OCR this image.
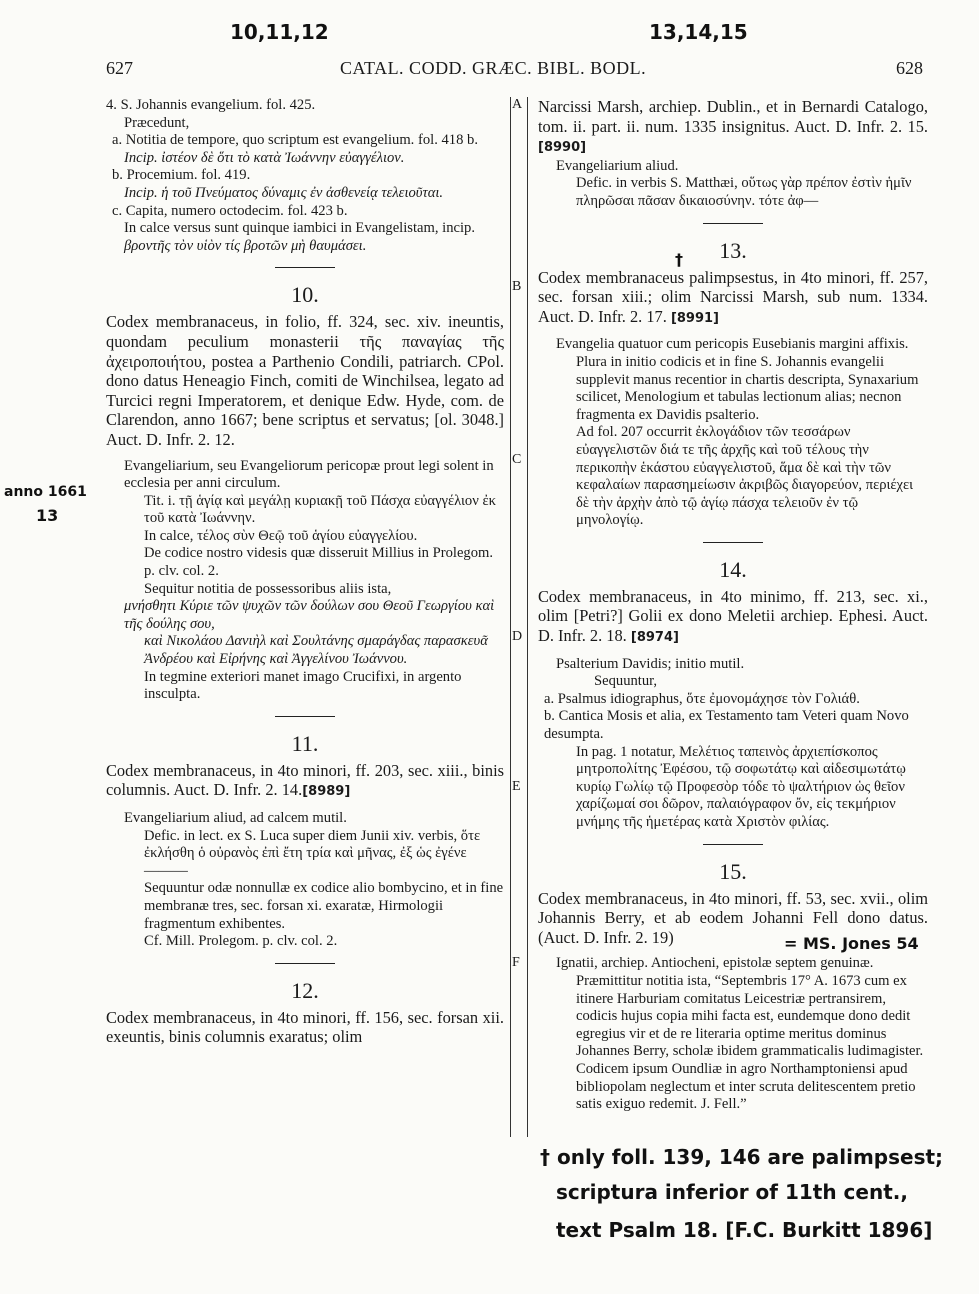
10,11,12	13,14,15
anno 1661
13
= MS. Jones 54
†
† only foll. 139, 146 are palimpsest;
scriptura inferior of 11th cent.,
text Psalm 18. [F.C. Burkitt 1896]
627	CATAL. CODD. GRÆC. BIBL. BODL.	628
A
B
C
D
E
F

4. S. Johannis evangelium. fol. 425.

Præcedunt,

a. Notitia de tempore, quo scriptum est evangelium. fol. 418 b.

Incip. ἰστέον δὲ ὅτι τὸ κατὰ Ἰωάννην εὐαγγέλιον.

b. Procemium. fol. 419.

Incip. ἡ τοῦ Πνεύματος δύναμις ἐν ἀσθενείᾳ τελειοῦται.

c. Capita, numero octodecim. fol. 423 b.

In calce versus sunt quinque iambici in Evangelistam, incip.

βροντῆς τὸν υἱὸν τίς βροτῶν μὴ θαυμάσει.

10.

Codex membranaceus, in folio, ff. 324, sec. xiv. ineuntis, quondam peculium monasterii τῆς παναγίας τῆς ἀχειροποιήτου, postea a Parthenio Condili, patriarch. CPol. dono datus Heneagio Finch, comiti de Winchilsea, legato ad Turcici regni Imperatorem, et denique Edw. Hyde, com. de Clarendon, anno 1667; bene scriptus et servatus; [ol. 3048.] Auct. D. Infr. 2. 12.

Evangeliarium, seu Evangeliorum pericopæ prout legi solent in ecclesia per anni circulum.

Tit. i. τῇ ἁγίᾳ καὶ μεγάλῃ κυριακῇ τοῦ Πάσχα εὐαγγέλιον ἐκ τοῦ κατὰ Ἰωάννην.

In calce, τέλος σὺν Θεῷ τοῦ ἁγίου εὐαγγελίου.

De codice nostro videsis quæ disseruit Millius in Prolegom. p. clv. col. 2.

Sequitur notitia de possessoribus aliis ista,

μνήσθητι Κύριε τῶν ψυχῶν τῶν δούλων σου Θεοῦ Γεωργίου καὶ τῆς δούλης σου,

καὶ Νικολάου Δανιὴλ καὶ Σουλτάνης σμαράγδας παρασκευᾶ Ἀνδρέου καὶ Εἰρήνης καὶ Ἀγγελίνου Ἰωάννου.

In tegmine exteriori manet imago Crucifixi, in argento insculpta.

11.

Codex membranaceus, in 4to minori, ff. 203, sec. xiii., binis columnis. Auct. D. Infr. 2. 14.[8989]

Evangeliarium aliud, ad calcem mutil.

Defic. in lect. ex S. Luca super diem Junii xiv. verbis, ὅτε ἐκλήσθη ὁ οὐρανὸς ἐπὶ ἔτη τρία καὶ μῆνας, ἐξ ὡς ἐγένε———

Sequuntur odæ nonnullæ ex codice alio bombycino, et in fine membranæ tres, sec. forsan xi. exaratæ, Hirmologii fragmentum exhibentes.

Cf. Mill. Prolegom. p. clv. col. 2.

12.

Codex membranaceus, in 4to minori, ff. 156, sec. forsan xii. exeuntis, binis columnis exaratus; olim

Narcissi Marsh, archiep. Dublin., et in Bernardi Catalogo, tom. ii. part. ii. num. 1335 insignitus. Auct. D. Infr. 2. 15. [8990]

Evangeliarium aliud.

Defic. in verbis S. Matthæi, οὕτως γὰρ πρέπον ἐστὶν ἡμῖν πληρῶσαι πᾶσαν δικαιοσύνην. τότε ἀφ—

13.

Codex membranaceus palimpsestus, in 4to minori, ff. 257, sec. forsan xiii.; olim Narcissi Marsh, sub num. 1334. Auct. D. Infr. 2. 17. [8991]

Evangelia quatuor cum pericopis Eusebianis margini affixis.

Plura in initio codicis et in fine S. Johannis evangelii supplevit manus recentior in chartis descripta, Synaxarium scilicet, Menologium et tabulas lectionum alias; necnon fragmenta ex Davidis psalterio.

Ad fol. 207 occurrit ἐκλογάδιον τῶν τεσσάρων εὐαγγελιστῶν διά τε τῆς ἀρχῆς καὶ τοῦ τέλους τὴν περικοπὴν ἑκάστου εὐαγγελιστοῦ, ἅμα δὲ καὶ τὴν τῶν κεφαλαίων παρασημείωσιν ἀκριβῶς διαγορεύον, περιέχει δὲ τὴν ἀρχὴν ἀπὸ τῷ ἁγίῳ πάσχα τελειοῦν ἐν τῷ μηνολογίῳ.

14.

Codex membranaceus, in 4to minimo, ff. 213, sec. xi., olim [Petri?] Golii ex dono Meletii archiep. Ephesi. Auct. D. Infr. 2. 18. [8974]

Psalterium Davidis; initio mutil.

Sequuntur,

a. Psalmus idiographus, ὅτε ἐμονομάχησε τὸν Γολιάθ.

b. Cantica Mosis et alia, ex Testamento tam Veteri quam Novo desumpta.

In pag. 1 notatur, Μελέτιος ταπεινὸς ἀρχιεπίσκοπος μητροπολίτης Ἐφέσου, τῷ σοφωτάτῳ καὶ αἰδεσιμωτάτῳ κυρίῳ Γωλίῳ τῷ Προφεσὸρ τόδε τὸ ψαλτήριον ὡς θεῖον χαρίζωμαί σοι δῶρον, παλαιόγραφον ὄν, εἰς τεκμήριον μνήμης τῆς ἡμετέρας κατὰ Χριστὸν φιλίας.

15.

Codex membranaceus, in 4to minori, ff. 53, sec. xvii., olim Johannis Berry, et ab eodem Johanni Fell dono datus. (Auct. D. Infr. 2. 19)

Ignatii, archiep. Antiocheni, epistolæ septem genuinæ.

Præmittitur notitia ista, “Septembris 17° A. 1673 cum ex itinere Harburiam comitatus Leicestriæ pertransirem, codicis hujus copia mihi facta est, eundemque dono dedit egregius vir et de re literaria optime meritus dominus Johannes Berry, scholæ ibidem grammaticalis ludimagister. Codicem ipsum Oundliæ in agro Northamptoniensi apud bibliopolam neglectum et inter scruta delitescentem pretio satis exiguo redemit. J. Fell.”
